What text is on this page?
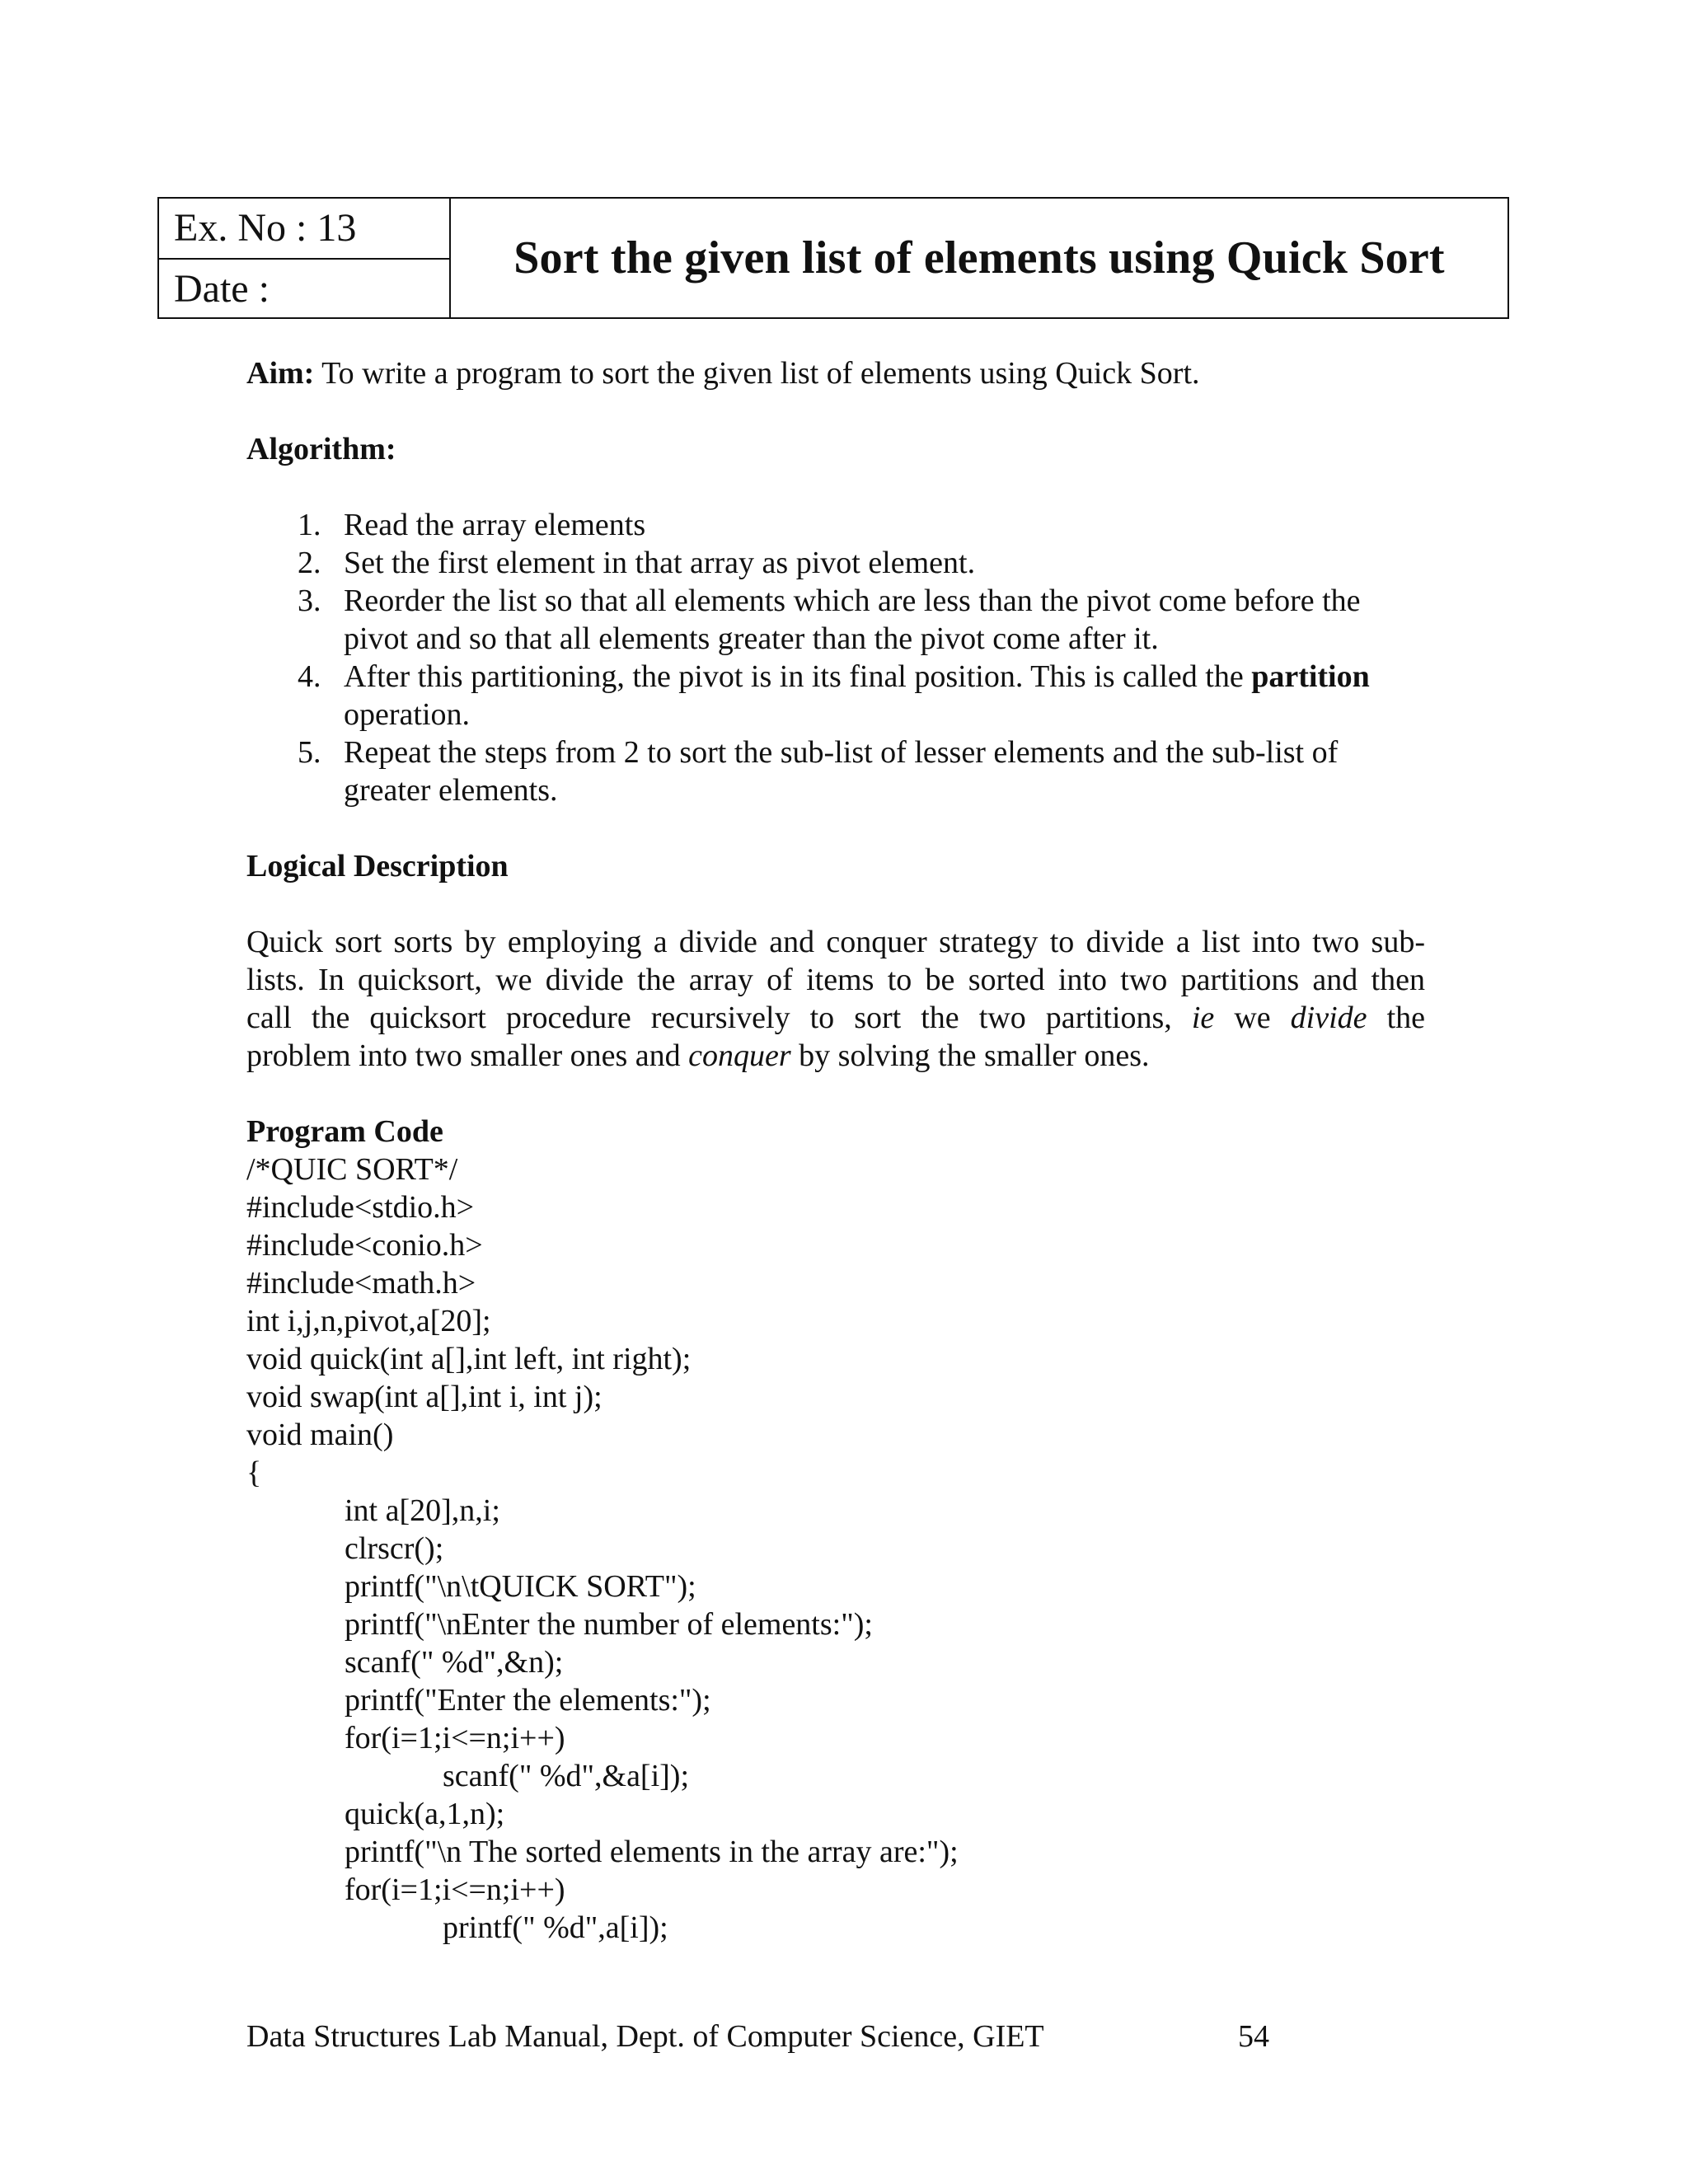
Ex. No : 13
Date :
Sort the given list of elements using Quick Sort
Aim: To write a program to sort the given list of elements using Quick Sort.
Algorithm:
1. Read the array elements
2. Set the first element in that array as pivot element.
3. Reorder the list so that all elements which are less than the pivot come before the
pivot and so that all elements greater than the pivot come after it.
4. After this partitioning, the pivot is in its final position. This is called the partition
operation.
5. Repeat the steps from 2 to sort the sub-list of lesser elements and the sub-list of
greater elements.
Logical Description
Quick sort sorts by employing a divide and conquer strategy to divide a list into two sub-
lists. In quicksort, we divide the array of items to be sorted into two partitions and then
call the quicksort procedure recursively to sort the two partitions, ie we divide the
problem into two smaller ones and conquer by solving the smaller ones.
Program Code
/*QUIC SORT*/
#include<stdio.h>
#include<conio.h>
#include<math.h>
int i,j,n,pivot,a[20];
void quick(int a[],int left, int right);
void swap(int a[],int i, int j);
void main()
{
int a[20],n,i;
clrscr();
printf("\n\tQUICK SORT");
printf("\nEnter the number of elements:");
scanf(" %d",&n);
printf("Enter the elements:");
for(i=1;i<=n;i++)
scanf(" %d",&a[i]);
quick(a,1,n);
printf("\n The sorted elements in the array are:");
for(i=1;i<=n;i++)
printf(" %d",a[i]);
Data Structures Lab Manual, Dept. of Computer Science, GIET	54
